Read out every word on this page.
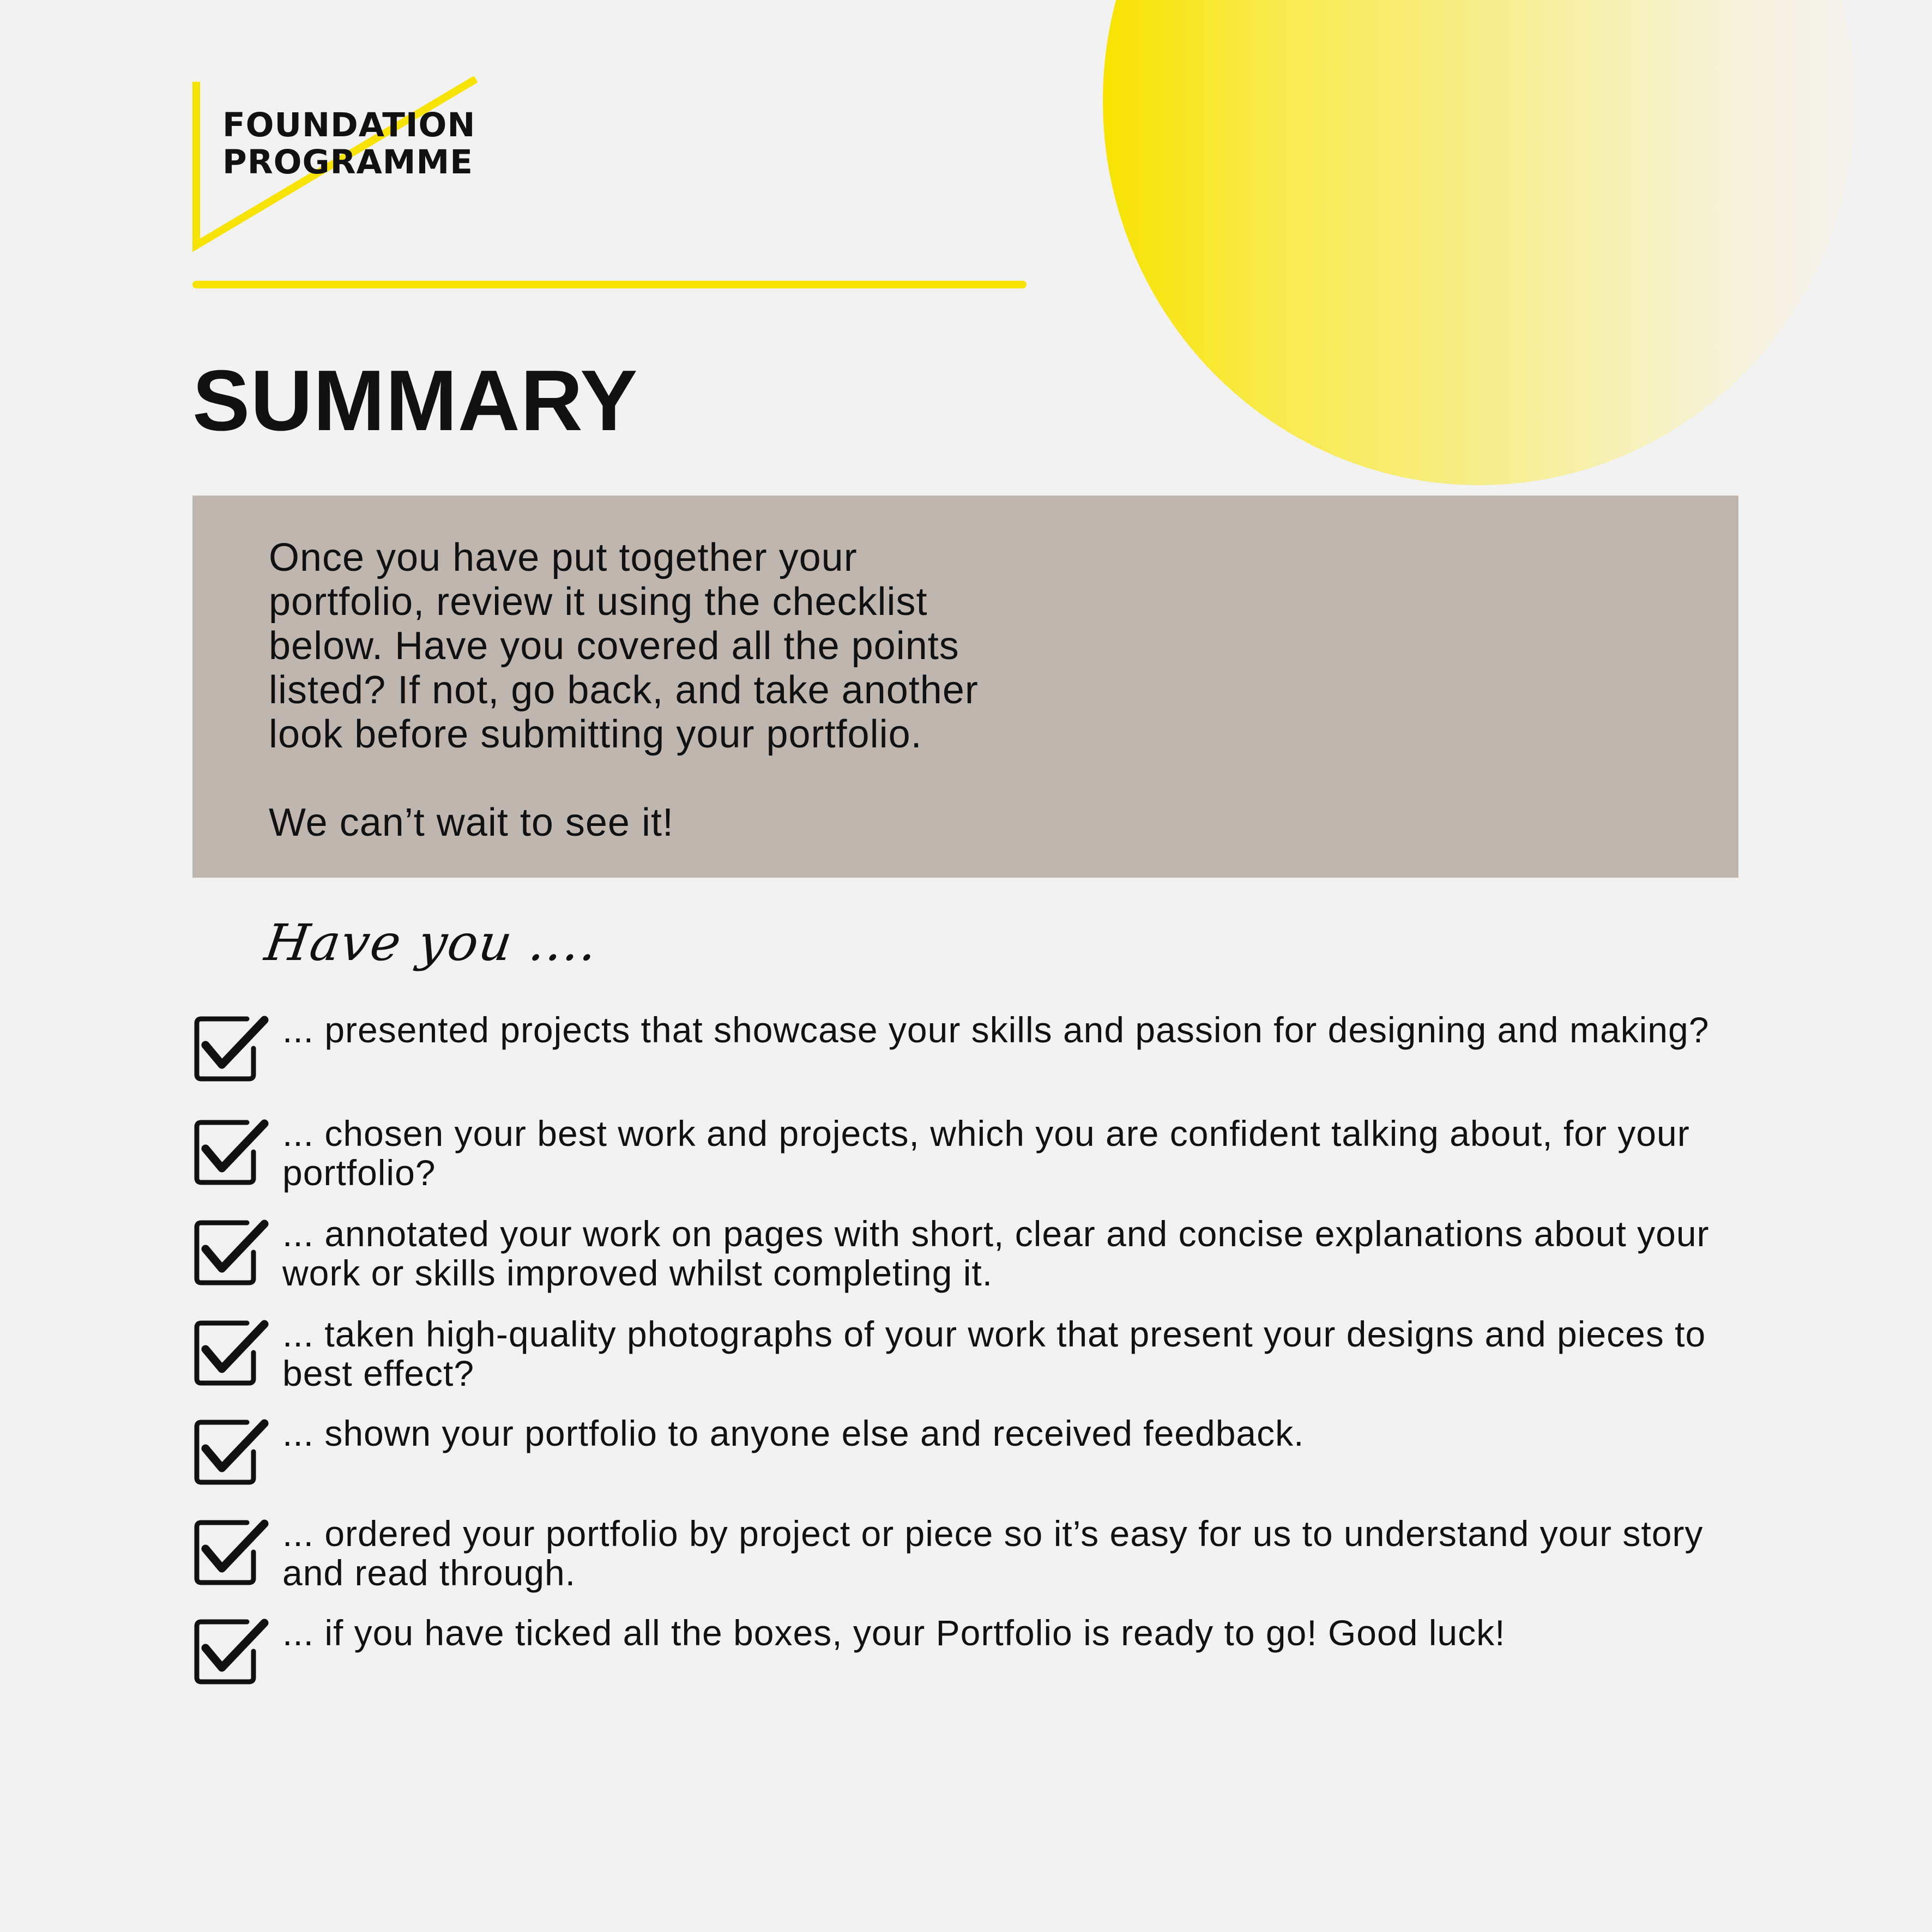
FOUNDATION
PROGRAMME
SUMMARY

Once you have put together your
portfolio, review it using the checklist
below. Have you covered all the points
listed? If not, go back, and take another
look before submitting your portfolio.

We can’t wait to see it!

Have you ....
... presented projects that showcase your skills and passion for designing and making?
... chosen your best work and projects, which you are confident talking about, for your portfolio?
... annotated your work on pages with short, clear and concise explanations about your work or skills improved whilst completing it.
... taken high-quality photographs of your work that present your designs and pieces to best effect?
... shown your portfolio to anyone else and received feedback.
... ordered your portfolio by project or piece so it’s easy for us to understand your story and read through.
... if you have ticked all the boxes, your Portfolio is ready to go! Good luck!
